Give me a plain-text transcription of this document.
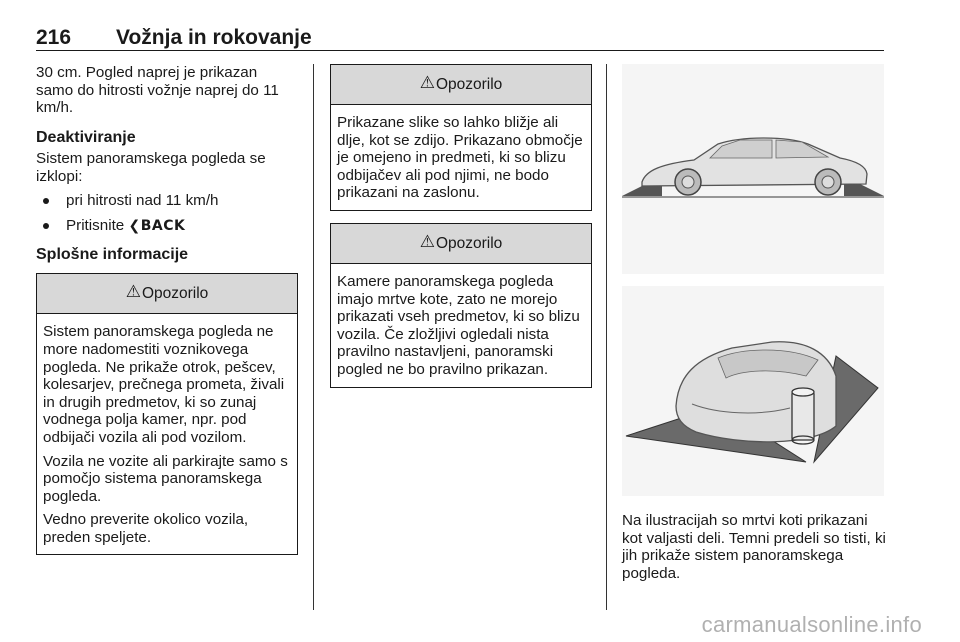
216 Vožnja in rokovanje

30 cm. Pogled naprej je prikazan samo do hitrosti vožnje naprej do 11 km/h.

Deaktiviranje

Sistem panoramskega pogleda se izklopi:

pri hitrosti nad 11 km/h
Pritisnite ❮BACK
Splošne informacije
⚠ Opozorilo

Sistem panoramskega pogleda ne more nadomestiti voznikovega pogleda. Ne prikaže otrok, pešcev, kolesarjev, prečnega prometa, živali in drugih predmetov, ki so zunaj vodnega polja kamer, npr. pod odbijači vozila ali pod vozilom.

Vozila ne vozite ali parkirajte samo s pomočjo sistema panoramskega pogleda.

Vedno preverite okolico vozila, preden speljete.

⚠ Opozorilo

Prikazane slike so lahko bližje ali dlje, kot se zdijo. Prikazano območje je omejeno in predmeti, ki so blizu odbijačev ali pod njimi, ne bodo prikazani na zaslonu.

⚠ Opozorilo

Kamere panoramskega pogleda imajo mrtve kote, zato ne morejo prikazati vseh predmetov, ki so blizu vozila. Če zložljivi ogledali nista pravilno nastavljeni, panoramski pogled ne bo pravilno prikazan.

Na ilustracijah so mrtvi koti prikazani kot valjasti deli. Temni predeli so tisti, ki jih prikaže sistem panoramskega pogleda.

carmanualsonline.info
